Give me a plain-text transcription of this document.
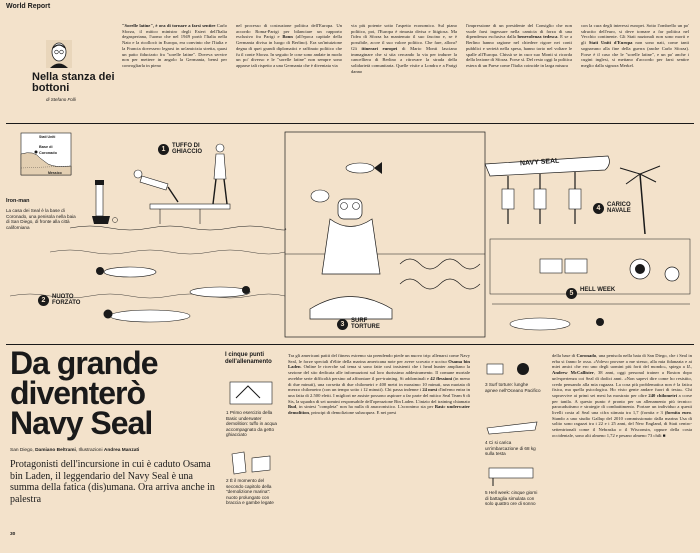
World Report
Nella stanza dei bottoni
di Stefano Folli
"Sorelle latine", è ora di tornare a farsi sentire Carlo Sforza, il mitico ministro degli Esteri dell'Italia degasperiana, l'uomo che nel 1949 portò l'Italia nella Nato e la ricollocò in Europa, era convinto che l'Italia e la Francia dovessero legarsi in un'amicizia stretta, quasi un patto fiduciario fra "sorelle latine". Doveva servire non per mettere in angolo la Germania, bensì per convogliarla in pieno
nel processo di costruzione politica dell'Europa. Un accordo Roma-Parigi per bilanciare un rapporto esclusivo fra Parigi e Bonn (all'epoca capitale della Germania divisa in luogo di Berlino). Era un'intuizione degna di quei grandi diplomatici e raffinato politico che fu il conte Sforza. In seguito le cose sono andate in modo un po' diverso e le "sorelle latine" non sempre sono apparse tali rispetto a una Germania che è diventata via
via più potente sotto l'aspetto economico. Sul piano politico, poi, l'Europa è rimasta divisa e litigiosa. Ma l'idea di Sforza ha mantenuto il suo fascino e, se è possibile, accre il suo valore politico. Che fare, allora? Gli itinerari europei di Mario Monti lasciano immaginare che si stia cercando la via per indurre la cancelliera di Berlino a ritrovare la strada della solidarietà comunitaria. Quelle visite a Londra e a Parigi danno
l'impressione di un presidente del Consiglio che non vuole farsi ingessare nella camicia di forza di una dipendenza esclusiva dalla benevolenza tedesca. E se a Berlino hanno ragione nel chiedere rigore nei conti pubblici e serietà nella spesa, hanno torto nel voltare le spalle all'Europa. Chissà se in cuor suo Monti si ricorda della lezione di Sforza. Forse sì. Del resto oggi la politica estera di un Paese come l'Italia coincide in larga misura
con la cura degli interessi europei. Sotto l'ombrello un po' sdrucito dell'euro, si deve tornare a far politica nel Vecchio continente. Gli Stati nazionali non sono morti e gli Stati Uniti d'Europa non sono nati, come tanti sognavano alla fine della guerra (anche Carlo Sforza). Forse è il caso che le "sorelle latine", e un po' anche i cugini inglesi, si mettano d'accordo per farsi sentire meglio dalla signora Merkel.
Stati Uniti
Base di Coronado
Messico
Iron-man
La casa dei Seal è la base di Coronado, una penisola nella baia di San Diego, di fronte alla città californiana
1	TUFFO DI GHIACCIO
2	NUOTO FORZATO
3	SURF TORTURE
4	CARICO NAVALE
5	HELL WEEK
NAVY SEAL
Da grande
diventerò
Navy Seal
San Diego, Damiano Beltrami, Illustrazioni Andrea Manzati
Protagonisti dell'incursione in cui è caduto Osama bin Laden, il leggendario del Navy Seal è una summa della fatica (dis)umana. Ora arriva anche in palestra
30
I cinque punti dell'allenamento
1 Primo esercizio della Basic underwater demolition: tuffo in acqua accompagnato da getto ghiacciato
2 È il momento del secondo capitolo della "demolizione marina": nuoto prolungato con braccia e gambe legate
Tra gli americani patiti del fitness estremo sta prendendo piede un nuovo trip: allenarsi come Navy Seal, le forze speciali d'élite della marina americana note per avere scovato e ucciso Osama bin Laden. Online le ricerche sul tema si sono fatte così insistenti che i head hunter ampliano la sezione del sito dedicata alle informazioni sul loro durissimo addestramento. Il comune mortale avrebbe serie difficoltà persino ad affrontare il pre-training. Si addominali e 42 flessioni (in meno di due minuti), una corsetta di due chilometri e 400 metri in massimo 10 minuti, una nuotata di mezzo chilometro (con un tempo sotto i 12 minuti). Chi passa indenne i 24 mesi d'inferno entra in una fatta di 2.500 eletti. I migliori ne assiste possono aspirare a far parte del mitico Seal Team 6 di Sis, la squadra di sei uomini responsabile dell'operazione Bin Laden. L'inizio del training chiamato Bud, in sintesi "completa" non ha nulla di anacronistico. L'acronimo sta per Basic underwater demolition, principi di demolizione subacquea. E nei presi
3 Surf torture: lunghe apnee nell'Oceano Pacifico
4 Ci si carica un'imbarcazione di 68 kg sulla testa
5 Hell week: cinque giorni di battaglia simulata con solo quattro ore di sonno
della base di Coronado, una penisola nella baia di San Diego, che i Seal in erba si fanno le ossa. «Volevo provare a me stesso, alla mia fidanzata e ai miei amici che ero uno degli uomini più forti del mondo», spiega a IL, Andrew McCallister, 38 anni, oggi personal trainer a Boston dopo un'esperienza coi Seal di dodici anni. «Non sapevi dire come ho resistito, credo pensando alla mia ragazza. La cosa più problematica non è la fatica fisica, ma quella psicologica. Ho visto gente andare fuori di testa». Chi sopravvive ai primi sei mesi ha mostrato per oltre 240 chilometri a corse per tanila. A questo punto è pronto per un allenamento più tecnico: paracadutismo e strategie di combattimento. Portare un individuo a questi livelli costa al Seal una cifra stimata tra 1,7 (fornita e 3 (fornita euro. Stando a uno studio Gallup del 2010 commissionato dalla marina Usa di solito sono ragazzi tra i 22 e i 25 anni, del New England, di Stati centro-settentrionali come il Nebraska o il Wisconsin, oppure della costa occidentale, sono alti almeno 1,72 e pesano almeno 73 chili ■
